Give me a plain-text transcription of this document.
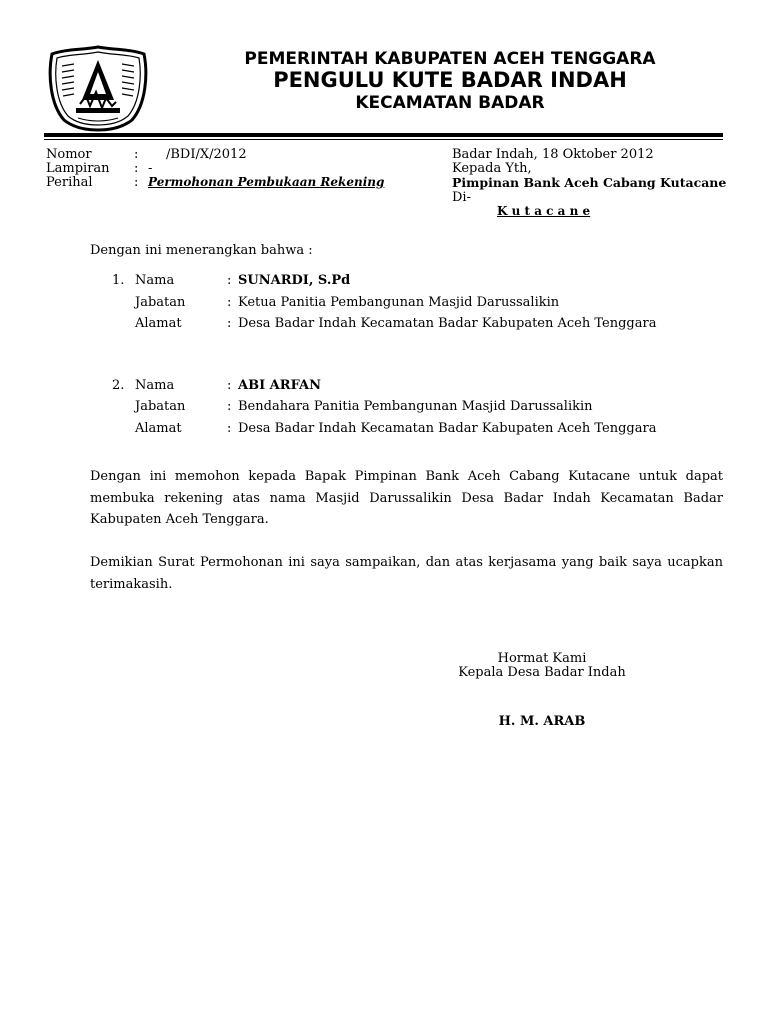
PEMERINTAH KABUPATEN ACEH TENGGARA
PENGULU KUTE BADAR INDAH
KECAMATAN BADAR
Nomor	: /BDI/X/2012
Lampiran : -
Perihal	: Permohonan Pembukaan Rekening
Badar Indah, 18 Oktober 2012
Kepada Yth,
Pimpinan Bank Aceh Cabang Kutacane
Di-
K u t a c a n e
Dengan ini menerangkan bahwa :
1. Nama	: SUNARDI, S.Pd
Jabatan	: Ketua Panitia Pembangunan Masjid Darussalikin
Alamat	: Desa Badar Indah Kecamatan Badar Kabupaten Aceh Tenggara
2. Nama	: ABI ARFAN
Jabatan	: Bendahara Panitia Pembangunan Masjid Darussalikin
Alamat	: Desa Badar Indah Kecamatan Badar Kabupaten Aceh Tenggara

Dengan ini memohon kepada Bapak Pimpinan Bank Aceh Cabang Kutacane untuk dapat membuka rekening atas nama Masjid Darussalikin Desa Badar Indah Kecamatan Badar Kabupaten Aceh Tenggara.

Demikian Surat Permohonan ini saya sampaikan, dan atas kerjasama yang baik saya ucapkan terimakasih.

Hormat Kami
Kepala Desa Badar Indah
H. M. ARAB
